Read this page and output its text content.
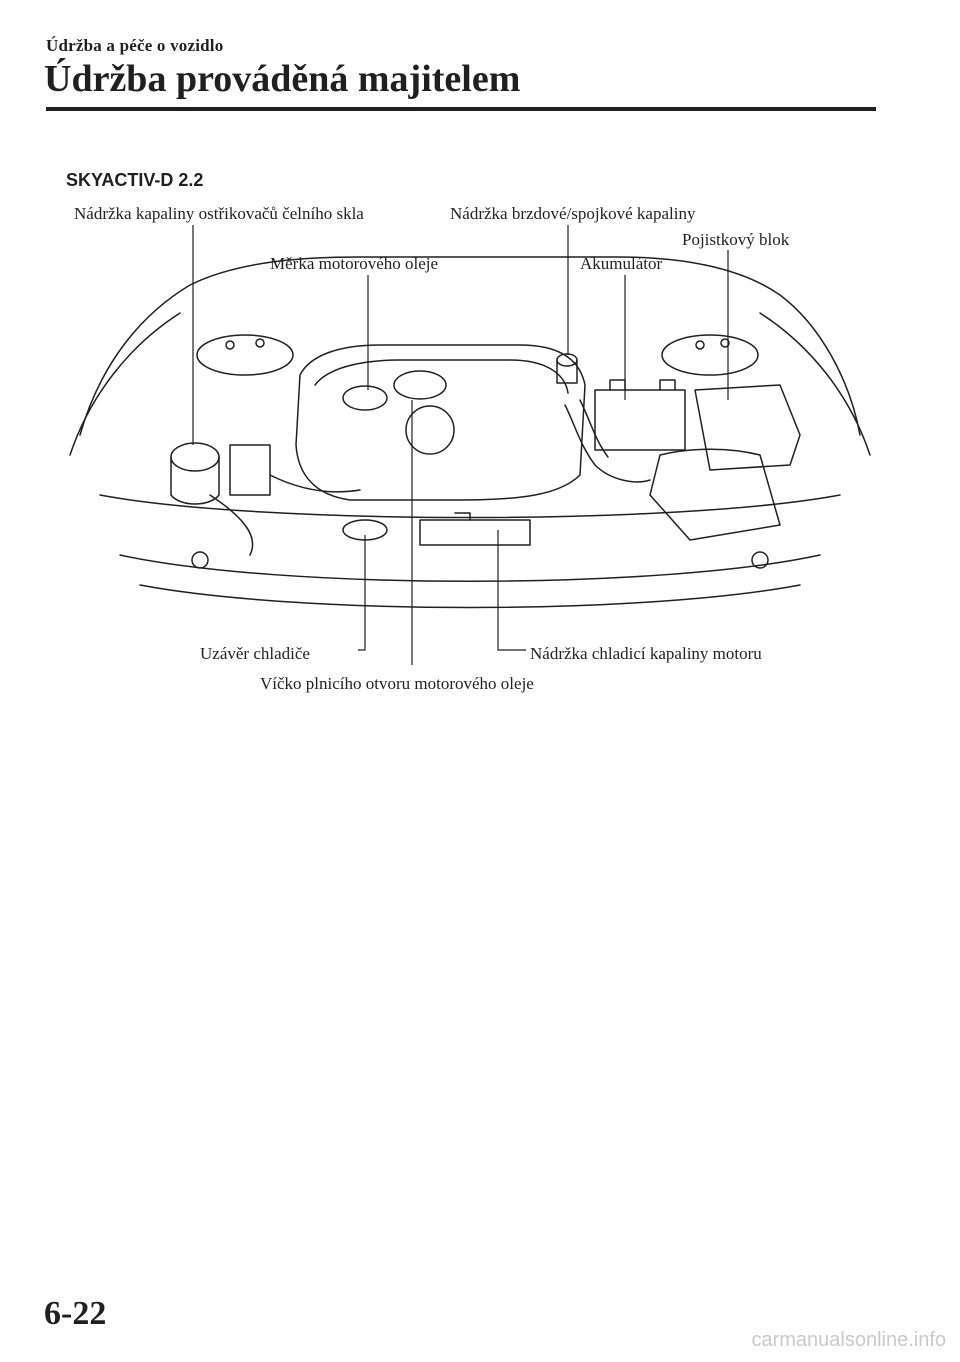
Údržba a péče o vozidlo
Údržba prováděná majitelem
SKYACTIV-D 2.2
Nádržka kapaliny ostřikovačů čelního skla	Nádržka brzdové/spojkové kapaliny
Pojistkový blok
Měrka motorového oleje	Akumulátor
Uzávěr chladiče	Nádržka chladicí kapaliny motoru
Víčko plnicího otvoru motorového oleje
6-22
carmanualsonline.info
